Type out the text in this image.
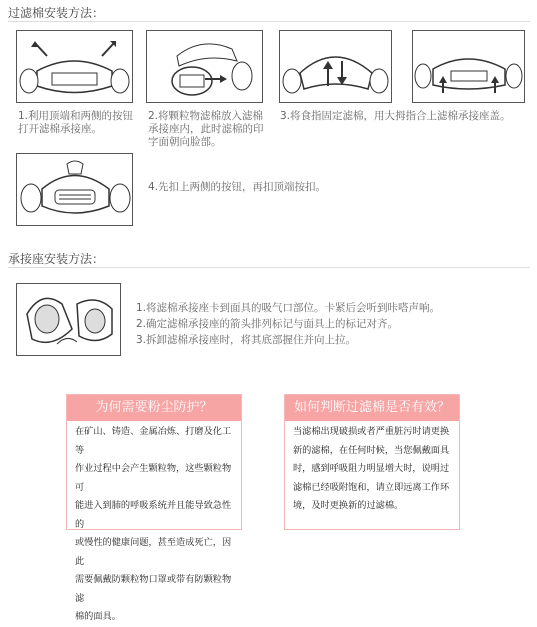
过滤棉安装方法：
1.利用顶端和两侧的按钮打开滤棉承接座。
2.将颗粒物滤棉放入滤棉承接座内，此时滤棉的印字面朝向脸部。
3.将食指固定滤棉，用大拇指合上滤棉承接座盖。
4.先扣上两侧的按钮，再扣顶端按扣。
承接座安装方法：
1.将滤棉承接座卡到面具的吸气口部位。卡紧后会听到咔嗒声响。
2.确定滤棉承接座的箭头排列标记与面具上的标记对齐。
3.拆卸滤棉承接座时，将其底部握住并向上拉。
为何需要粉尘防护？
在矿山、铸造、金属冶炼、打磨及化工等
作业过程中会产生颗粒物，这些颗粒物可
能进入到肺的呼吸系统并且能导致急性的
或慢性的健康问题，甚至造成死亡，因此
需要佩戴防颗粒物口罩或带有防颗粒物滤
棉的面具。
如何判断过滤棉是否有效？
当滤棉出现破损或者严重脏污时请更换
新的滤棉，在任何时候，当您佩戴面具
时，感到呼吸阻力明显增大时，说明过
滤棉已经吸附饱和，请立即远离工作环
境，及时更换新的过滤棉。
